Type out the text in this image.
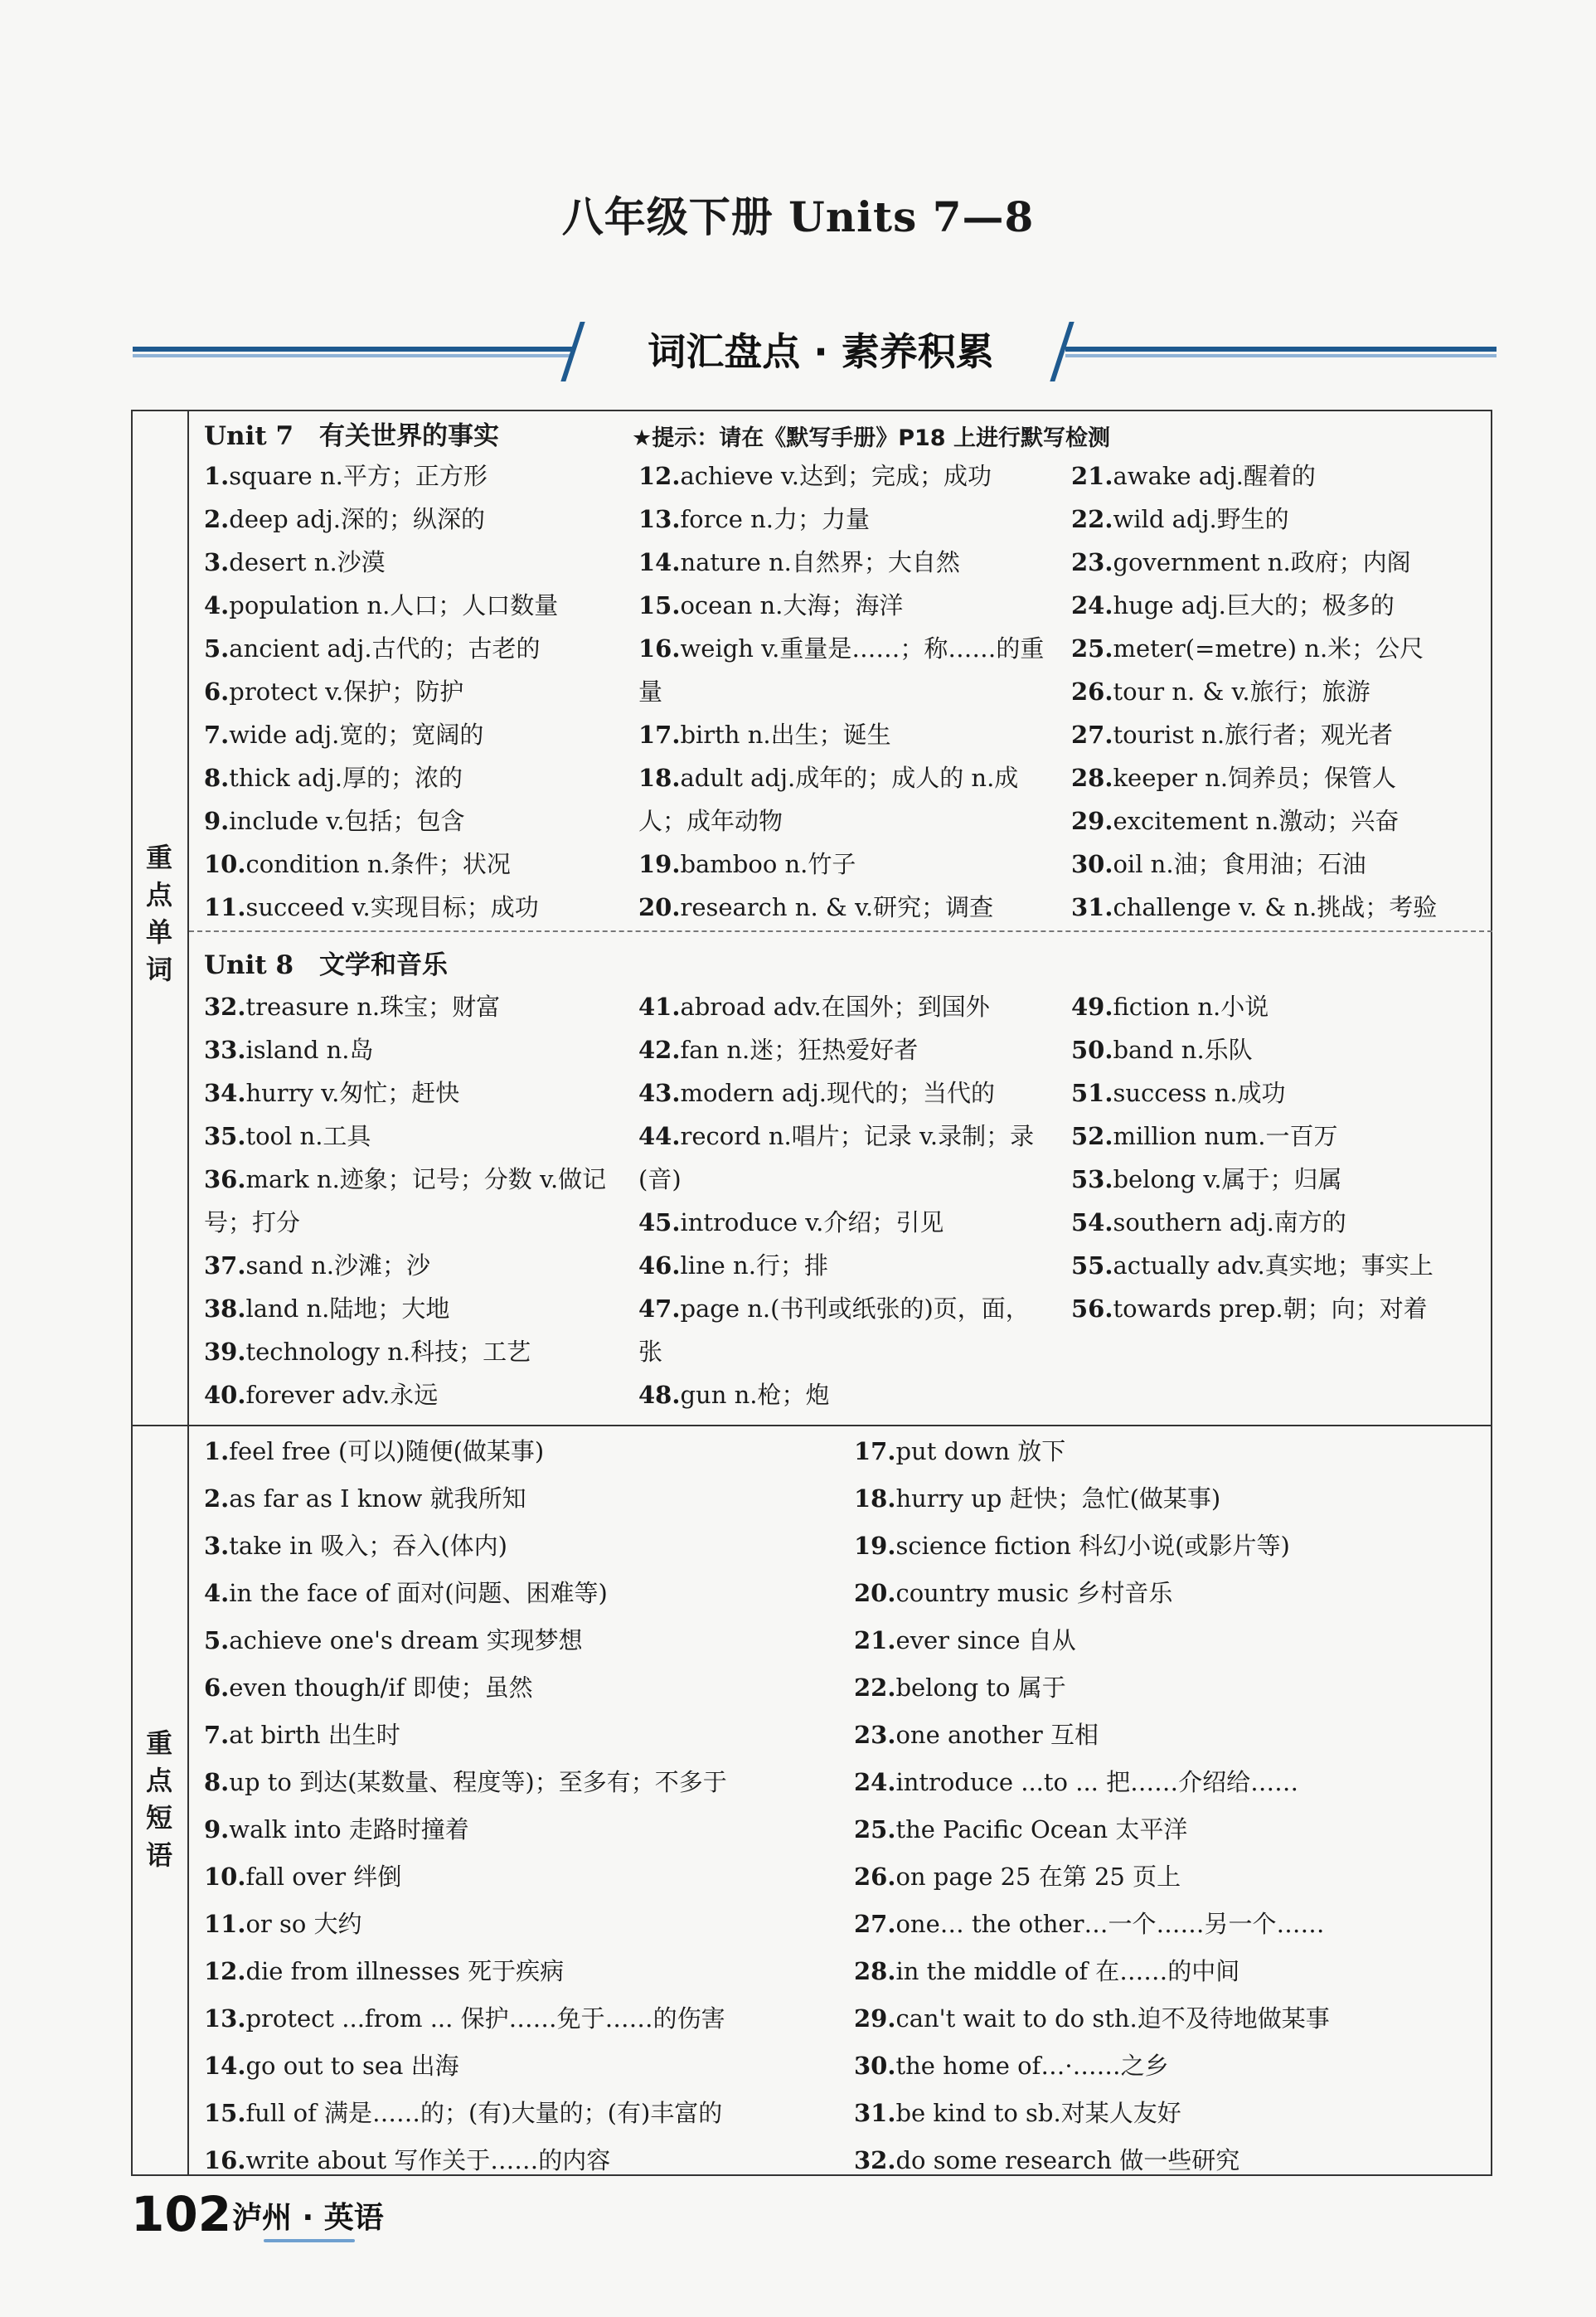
八年级下册 Units 7—8
词汇盘点 · 素养积累
重
点
单
词
重
点
短
语
Unit 7　有关世界的事实	★提示：请在《默写手册》P18 上进行默写检测
Unit 8　文学和音乐
1.square n.平方；正方形
2.deep adj.深的；纵深的
3.desert n.沙漠
4.population n.人口；人口数量
5.ancient adj.古代的；古老的
6.protect v.保护；防护
7.wide adj.宽的；宽阔的
8.thick adj.厚的；浓的
9.include v.包括；包含
10.condition n.条件；状况
11.succeed v.实现目标；成功
12.achieve v.达到；完成；成功
13.force n.力；力量
14.nature n.自然界；大自然
15.ocean n.大海；海洋
16.weigh v.重量是……；称……的重量
17.birth n.出生；诞生
18.adult adj.成年的；成人的 n.成人；成年动物
19.bamboo n.竹子
20.research n. & v.研究；调查
21.awake adj.醒着的
22.wild adj.野生的
23.government n.政府；内阁
24.huge adj.巨大的；极多的
25.meter(=metre) n.米；公尺
26.tour n. & v.旅行；旅游
27.tourist n.旅行者；观光者
28.keeper n.饲养员；保管人
29.excitement n.激动；兴奋
30.oil n.油；食用油；石油
31.challenge v. & n.挑战；考验
32.treasure n.珠宝；财富
33.island n.岛
34.hurry v.匆忙；赶快
35.tool n.工具
36.mark n.迹象；记号；分数 v.做记号；打分
37.sand n.沙滩；沙
38.land n.陆地；大地
39.technology n.科技；工艺
40.forever adv.永远
41.abroad adv.在国外；到国外
42.fan n.迷；狂热爱好者
43.modern adj.现代的；当代的
44.record n.唱片；记录 v.录制；录(音)
45.introduce v.介绍；引见
46.line n.行；排
47.page n.(书刊或纸张的)页，面，张
48.gun n.枪；炮
49.fiction n.小说
50.band n.乐队
51.success n.成功
52.million num.一百万
53.belong v.属于；归属
54.southern adj.南方的
55.actually adv.真实地；事实上
56.towards prep.朝；向；对着
1.feel free (可以)随便(做某事)
2.as far as I know 就我所知
3.take in 吸入；吞入(体内)
4.in the face of 面对(问题、困难等)
5.achieve one's dream 实现梦想
6.even though/if 即使；虽然
7.at birth 出生时
8.up to 到达(某数量、程度等)；至多有；不多于
9.walk into 走路时撞着
10.fall over 绊倒
11.or so 大约
12.die from illnesses 死于疾病
13.protect ...from ... 保护……免于……的伤害
14.go out to sea 出海
15.full of 满是……的；(有)大量的；(有)丰富的
16.write about 写作关于……的内容
17.put down 放下
18.hurry up 赶快；急忙(做某事)
19.science fiction 科幻小说(或影片等)
20.country music 乡村音乐
21.ever since 自从
22.belong to 属于
23.one another 互相
24.introduce ...to ... 把……介绍给……
25.the Pacific Ocean 太平洋
26.on page 25 在第 25 页上
27.one… the other…一个……另一个……
28.in the middle of 在……的中间
29.can't wait to do sth.迫不及待地做某事
30.the home of…·……之乡
31.be kind to sb.对某人友好
32.do some research 做一些研究
102 泸州 · 英语
